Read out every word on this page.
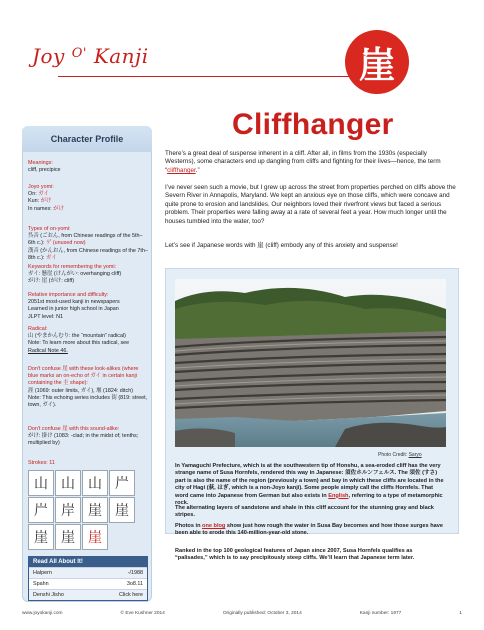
Joy $^{O'}$ Kanji	崖
Cliffhanger
Character Profile
Meanings:
cliff, precipice
Joyo yomi:
On: ガイ
Kun: がけ
In names: がけ
Types of on-yomi:
呉音 (ごおん, from Chinese readings of the 5th–6th c.): ゲ (unused now)
漢音 (かんおん, from Chinese readings of the 7th–8th c.): ガイ
Keywords for remembering the yomi:
ガイ: 懸崖 (けんがい: overhanging cliff)
がけ: 崖 (がけ: cliff)
Relative importance and difficulty:
2051st most-used kanji in newspapers
Learned in junior high school in Japan
JLPT level: N1
Radical:
山 (やまかんむり: the “mountain” radical)
Note: To learn more about this radical, see
Radical Note 46.
Don't confuse 崖 with these look-alikes (where blue marks an on-echo of ガイ in certain kanji containing the 圭 shape):
涯 (1069: outer limits, ガイ), 堰 (1824: ditch)
Note: This echoing series includes 街 (819: street, town, ガイ).
Don't confuse 崖 with this sound-alike:
がけ: 掛け (1083: -clad; in the midst of; tenths; multiplied by)
Strokes: 11
山 山 山 屵屵 岸 崖 崖崖 崖 崖
Read All About It!
Halpern	-/1988
Spahn	3o8.11
Denshi Jisho	Click here
There’s a great deal of suspense inherent in a cliff. After all, in films from the 1930s (especially Westerns), some characters end up dangling from cliffs and fighting for their lives—hence, the term “cliffhanger.”
I’ve never seen such a movie, but I grew up across the street from properties perched on cliffs above the Severn River in Annapolis, Maryland. We kept an anxious eye on those cliffs, which were concave and quite prone to erosion and landslides. Our neighbors loved their riverfront views but faced a serious problem. Their properties were falling away at a rate of several feet a year. How much longer until the houses tumbled into the water, too?
Let’s see if Japanese words with 崖 (cliff) embody any of this anxiety and suspense!
Photo Credit: Saryo
In Yamaguchi Prefecture, which is at the southwestern tip of Honshu, a sea-eroded cliff has the very strange name of Susa Hornfels, rendered this way in Japanese: 須佐ホルンフェルス. The 須佐 (すさ) part is also the name of the region (previously a town) and bay in which these cliffs are located in the city of Hagi (萩, はぎ, which is a non-Joyo kanji). Some people simply call the cliffs Hornfels. That word came into Japanese from German but also exists in English, referring to a type of metamorphic rock.
The alternating layers of sandstone and shale in this cliff account for the stunning gray and black stripes.
Photos in one blog show just how rough the water in Susa Bay becomes and how those surges have been able to erode this 140-million-year-old stone.
Ranked in the top 100 geological features of Japan since 2007, Susa Hornfels qualifies as “palisades,” which is to say precipitously steep cliffs. We’ll learn that Japanese term later.
www.joyokanji.com	© Eve Kushner 2014	Originally published: October 3, 2014	Kanji number: 1977	1
